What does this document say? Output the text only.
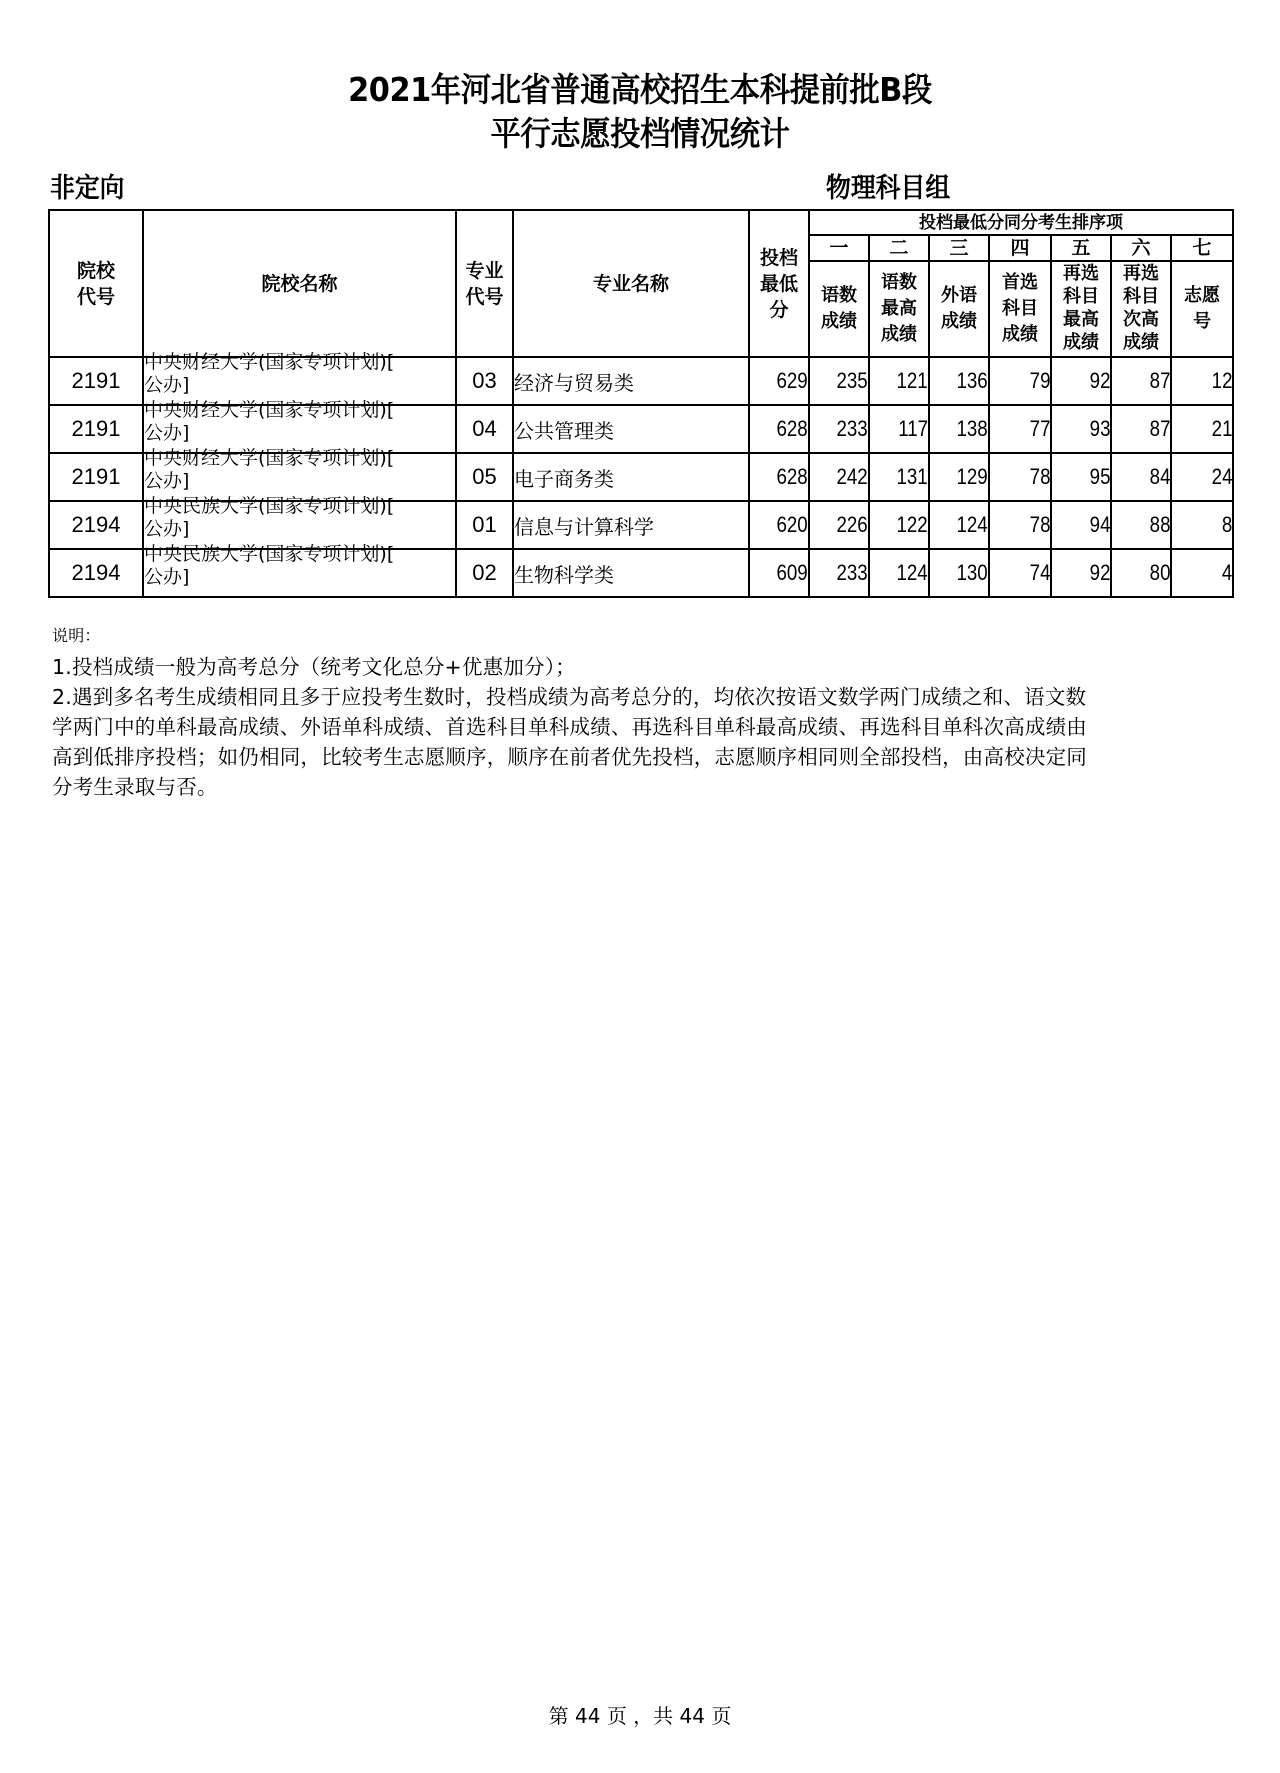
2021年河北省普通高校招生本科提前批B段
平行志愿投档情况统计
非定向	物理科目组
院校
代号

院校名称

专业
代号

专业名称

投档
最低
分
	投档最低分同分考生排序项
					一	二	三	四	五	六	七

语数
成绩

语数
最高
成绩

外语
成绩

首选
科目
成绩

再选
科目
最高
成绩

再选
科目
次高
成绩

志愿
号

2191	中央财经大学(国家专项计划)[
公办]	03	经济与贸易类	629	235	121	136	79	92	87	12
2191	中央财经大学(国家专项计划)[
公办]	04	公共管理类	628	233	117	138	77	93	87	21
2191	中央财经大学(国家专项计划)[
公办]	05	电子商务类	628	242	131	129	78	95	84	24
2194	中央民族大学(国家专项计划)[
公办]	01	信息与计算科学	620	226	122	124	78	94	88	8
2194	中央民族大学(国家专项计划)[
公办]	02	生物科学类	609	233	124	130	74	92	80	4
说明：

1.投档成绩一般为高考总分（统考文化总分+优惠加分）；

2.遇到多名考生成绩相同且多于应投考生数时，投档成绩为高考总分的，均依次按语文数学两门成绩之和、语文数

学两门中的单科最高成绩、外语单科成绩、首选科目单科成绩、再选科目单科最高成绩、再选科目单科次高成绩由

高到低排序投档；如仍相同，比较考生志愿顺序，顺序在前者优先投档，志愿顺序相同则全部投档，由高校决定同

分考生录取与否。

第 44 页 ，共 44 页
